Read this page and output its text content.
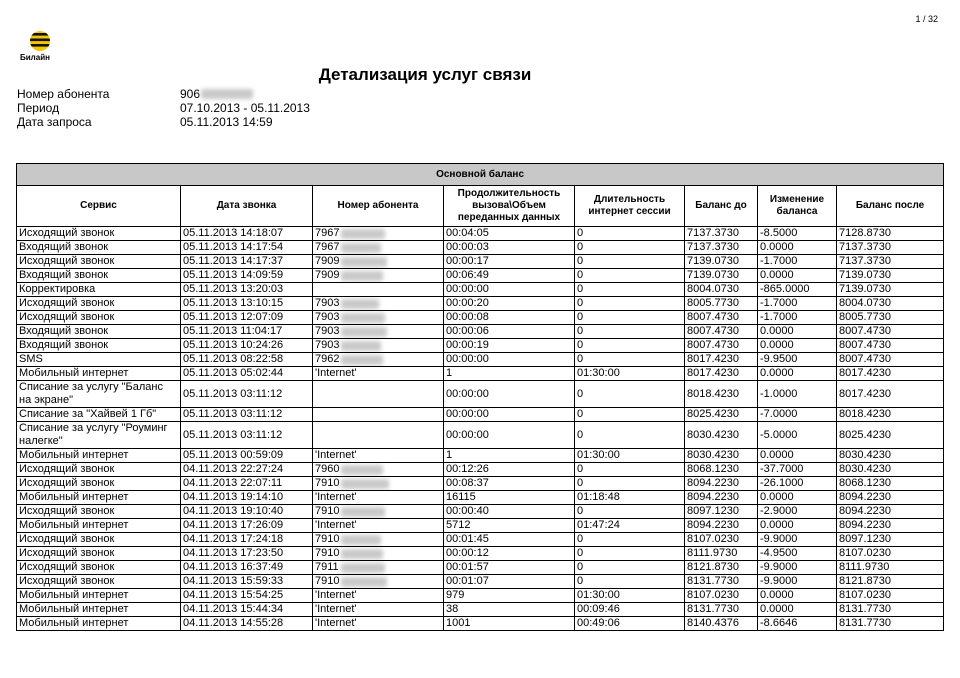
1 / 32
Билайн
Детализация услуг связи
Номер абонента	906
Период	07.10.2013 - 05.11.2013
Дата запроса	05.11.2013 14:59
Основной баланс							
Сервис	Дата звонка	Номер абонента	Продолжительность вызова\Объем переданных данных	Длительность интернет сессии	Баланс до	Изменение баланса	Баланс после
Исходящий звонок	05.11.2013 14:18:07	7967	00:04:05	0	7137.3730	-8.5000	7128.8730
Входящий звонок	05.11.2013 14:17:54	7967	00:00:03	0	7137.3730	0.0000	7137.3730
Исходящий звонок	05.11.2013 14:17:37	7909	00:00:17	0	7139.0730	-1.7000	7137.3730
Входящий звонок	05.11.2013 14:09:59	7909	00:06:49	0	7139.0730	0.0000	7139.0730
Корректировка	05.11.2013 13:20:03		00:00:00	0	8004.0730	-865.0000	7139.0730
Исходящий звонок	05.11.2013 13:10:15	7903	00:00:20	0	8005.7730	-1.7000	8004.0730
Исходящий звонок	05.11.2013 12:07:09	7903	00:00:08	0	8007.4730	-1.7000	8005.7730
Входящий звонок	05.11.2013 11:04:17	7903	00:00:06	0	8007.4730	0.0000	8007.4730
Входящий звонок	05.11.2013 10:24:26	7903	00:00:19	0	8007.4730	0.0000	8007.4730
SMS	05.11.2013 08:22:58	7962	00:00:00	0	8017.4230	-9.9500	8007.4730
Мобильный интернет	05.11.2013 05:02:44	'Internet'	1	01:30:00	8017.4230	0.0000	8017.4230
Списание за услугу "Баланс на экране"	05.11.2013 03:11:12		00:00:00	0	8018.4230	-1.0000	8017.4230
Списание за "Хайвей 1 Гб"	05.11.2013 03:11:12		00:00:00	0	8025.4230	-7.0000	8018.4230
Списание за услугу "Роуминг налегке"	05.11.2013 03:11:12		00:00:00	0	8030.4230	-5.0000	8025.4230
Мобильный интернет	05.11.2013 00:59:09	'Internet'	1	01:30:00	8030.4230	0.0000	8030.4230
Исходящий звонок	04.11.2013 22:27:24	7960	00:12:26	0	8068.1230	-37.7000	8030.4230
Исходящий звонок	04.11.2013 22:07:11	7910	00:08:37	0	8094.2230	-26.1000	8068.1230
Мобильный интернет	04.11.2013 19:14:10	'Internet'	16115	01:18:48	8094.2230	0.0000	8094.2230
Исходящий звонок	04.11.2013 19:10:40	7910	00:00:40	0	8097.1230	-2.9000	8094.2230
Мобильный интернет	04.11.2013 17:26:09	'Internet'	5712	01:47:24	8094.2230	0.0000	8094.2230
Исходящий звонок	04.11.2013 17:24:18	7910	00:01:45	0	8107.0230	-9.9000	8097.1230
Исходящий звонок	04.11.2013 17:23:50	7910	00:00:12	0	8111.9730	-4.9500	8107.0230
Исходящий звонок	04.11.2013 16:37:49	7911	00:01:57	0	8121.8730	-9.9000	8111.9730
Исходящий звонок	04.11.2013 15:59:33	7910	00:01:07	0	8131.7730	-9.9000	8121.8730
Мобильный интернет	04.11.2013 15:54:25	'Internet'	979	01:30:00	8107.0230	0.0000	8107.0230
Мобильный интернет	04.11.2013 15:44:34	'Internet'	38	00:09:46	8131.7730	0.0000	8131.7730
Мобильный интернет	04.11.2013 14:55:28	'Internet'	1001	00:49:06	8140.4376	-8.6646	8131.7730
